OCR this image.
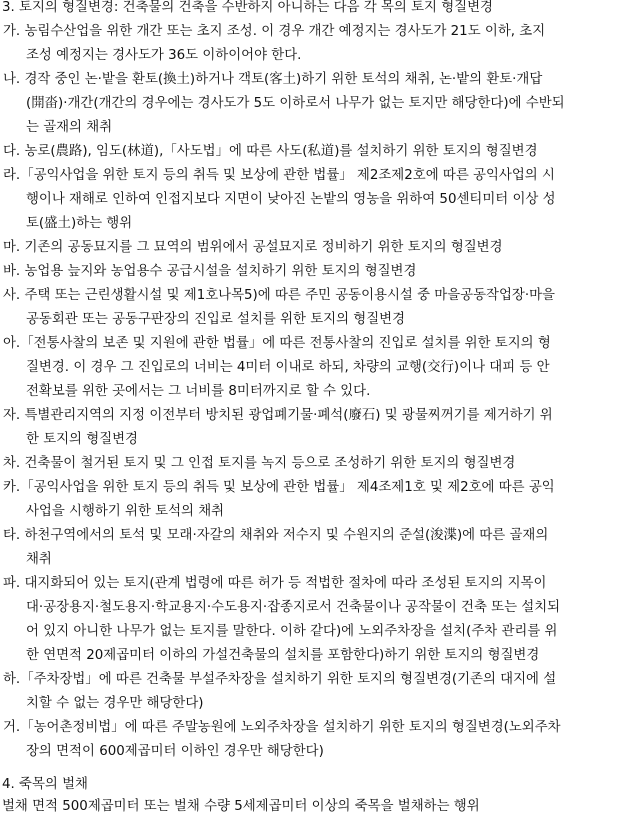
3. 토지의 형질변경: 건축물의 건축을 수반하지 아니하는 다음 각 목의 토지 형질변경
가. 농림수산업을 위한 개간 또는 초지 조성. 이 경우 개간 예정지는 경사도가 21도 이하, 초지
조성 예정지는 경사도가 36도 이하이어야 한다.
나. 경작 중인 논·밭을 환토(換土)하거나 객토(客土)하기 위한 토석의 채취, 논·밭의 환토·개답
(開畓)·개간(개간의 경우에는 경사도가 5도 이하로서 나무가 없는 토지만 해당한다)에 수반되
는 골재의 채취
다. 농로(農路), 임도(林道),「사도법」에 따른 사도(私道)를 설치하기 위한 토지의 형질변경
라.「공익사업을 위한 토지 등의 취득 및 보상에 관한 법률」 제2조제2호에 따른 공익사업의 시
행이나 재해로 인하여 인접지보다 지면이 낮아진 논밭의 영농을 위하여 50센티미터 이상 성
토(盛土)하는 행위
마. 기존의 공동묘지를 그 묘역의 범위에서 공설묘지로 정비하기 위한 토지의 형질변경
바. 농업용 늪지와 농업용수 공급시설을 설치하기 위한 토지의 형질변경
사. 주택 또는 근린생활시설 및 제1호나목5)에 따른 주민 공동이용시설 중 마을공동작업장·마을
공동회관 또는 공동구판장의 진입로 설치를 위한 토지의 형질변경
아.「전통사찰의 보존 및 지원에 관한 법률」에 따른 전통사찰의 진입로 설치를 위한 토지의 형
질변경. 이 경우 그 진입로의 너비는 4미터 이내로 하되, 차량의 교행(交行)이나 대피 등 안
전확보를 위한 곳에서는 그 너비를 8미터까지로 할 수 있다.
자. 특별관리지역의 지정 이전부터 방치된 광업폐기물·폐석(廢石) 및 광물찌꺼기를 제거하기 위
한 토지의 형질변경
차. 건축물이 철거된 토지 및 그 인접 토지를 녹지 등으로 조성하기 위한 토지의 형질변경
카.「공익사업을 위한 토지 등의 취득 및 보상에 관한 법률」 제4조제1호 및 제2호에 따른 공익
사업을 시행하기 위한 토석의 채취
타. 하천구역에서의 토석 및 모래·자갈의 채취와 저수지 및 수원지의 준설(浚渫)에 따른 골재의
채취
파. 대지화되어 있는 토지(관계 법령에 따른 허가 등 적법한 절차에 따라 조성된 토지의 지목이
대·공장용지·철도용지·학교용지·수도용지·잡종지로서 건축물이나 공작물이 건축 또는 설치되
어 있지 아니한 나무가 없는 토지를 말한다. 이하 같다)에 노외주차장을 설치(주차 관리를 위
한 연면적 20제곱미터 이하의 가설건축물의 설치를 포함한다)하기 위한 토지의 형질변경
하.「주차장법」에 따른 건축물 부설주차장을 설치하기 위한 토지의 형질변경(기존의 대지에 설
치할 수 없는 경우만 해당한다)
거.「농어촌정비법」에 따른 주말농원에 노외주차장을 설치하기 위한 토지의 형질변경(노외주차
장의 면적이 600제곱미터 이하인 경우만 해당한다)
4. 죽목의 벌채
벌채 면적 500제곱미터 또는 벌채 수량 5세제곱미터 이상의 죽목을 벌채하는 행위
